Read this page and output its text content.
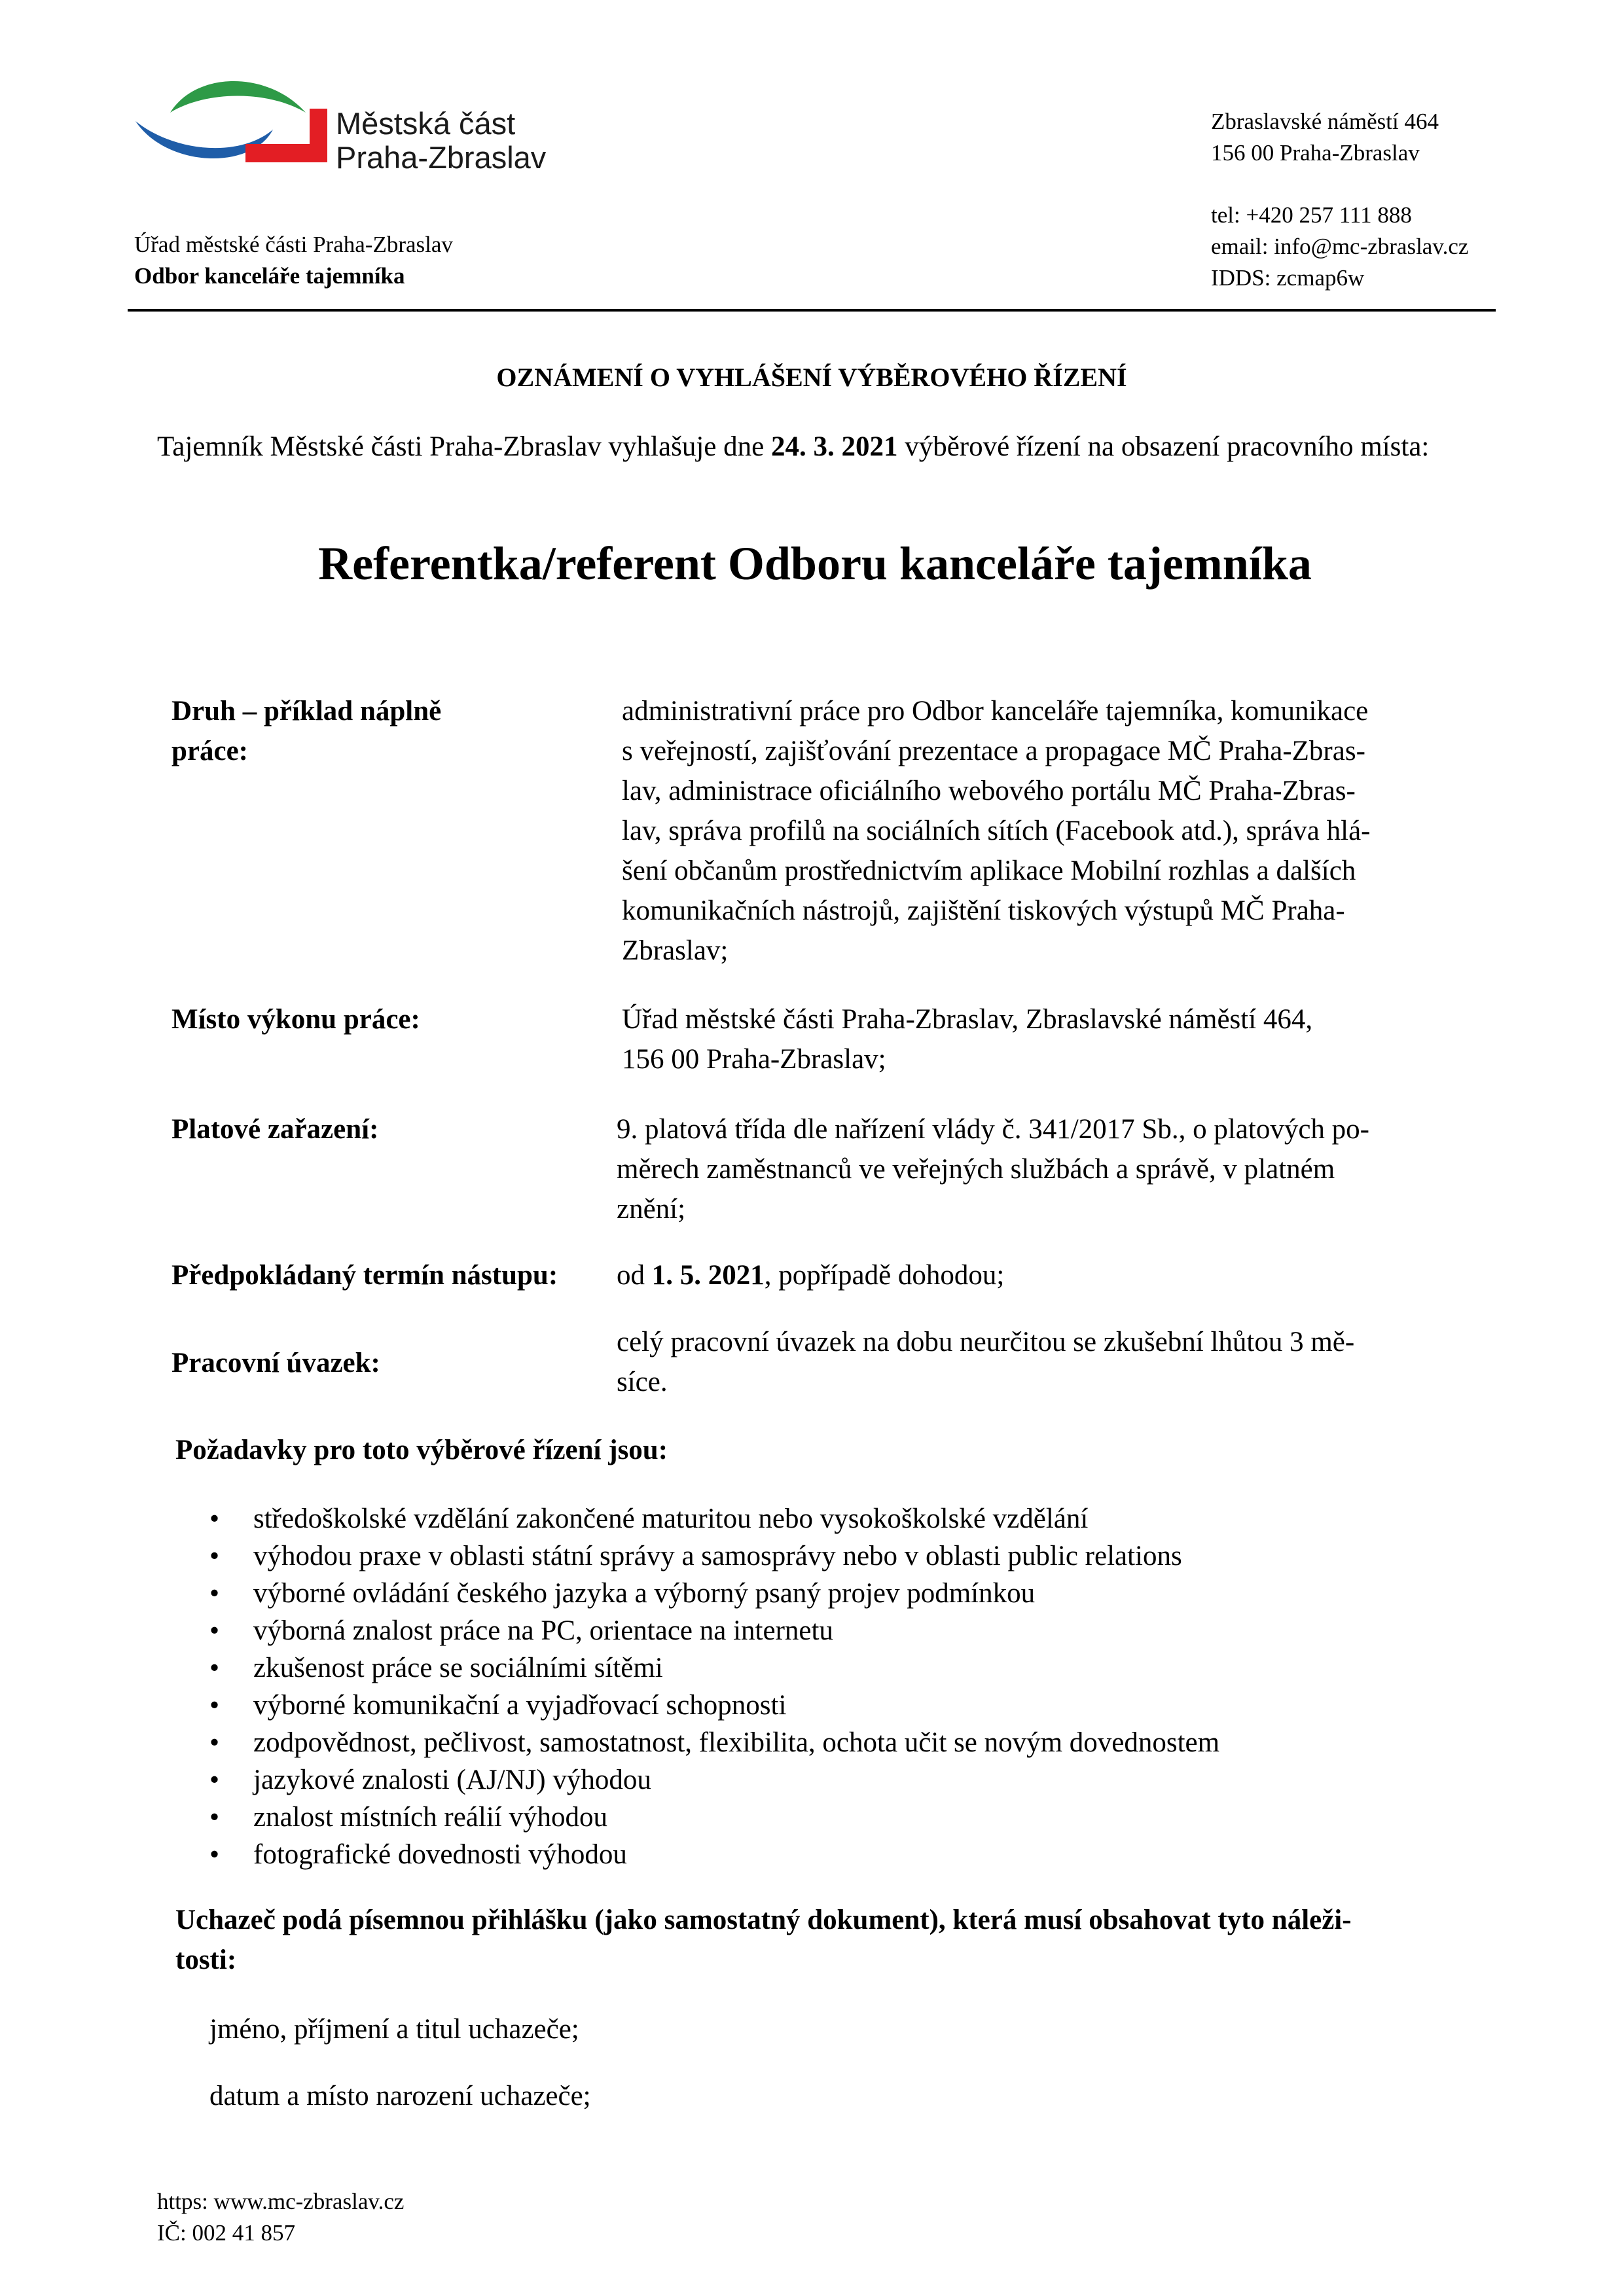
Městská část
Praha-Zbraslav
Úřad městské části Praha-Zbraslav
Odbor kanceláře tajemníka
Zbraslavské náměstí 464
156 00 Praha-Zbraslav
tel: +420 257 111 888
email: info@mc-zbraslav.cz
IDDS: zcmap6w
OZNÁMENÍ O VYHLÁŠENÍ VÝBĚROVÉHO ŘÍZENÍ
Tajemník Městské části Praha-Zbraslav vyhlašuje dne 24. 3. 2021 výběrové řízení na obsazení pracovního místa:
Referentka/referent Odboru kanceláře tajemníka
Druh – příklad náplně
práce:
administrativní práce pro Odbor kanceláře tajemníka, komunikace
s veřejností, zajišťování prezentace a propagace MČ Praha-Zbras-
lav, administrace oficiálního webového portálu MČ Praha-Zbras-
lav, správa profilů na sociálních sítích (Facebook atd.), správa hlá-
šení občanům prostřednictvím aplikace Mobilní rozhlas a dalších
komunikačních nástrojů, zajištění tiskových výstupů MČ Praha-
Zbraslav;
Místo výkonu práce:	Úřad městské části Praha-Zbraslav, Zbraslavské náměstí 464,
156 00 Praha-Zbraslav;
Platové zařazení:	9. platová třída dle nařízení vlády č. 341/2017 Sb., o platových po-
měrech zaměstnanců ve veřejných službách a správě, v platném
znění;
Předpokládaný termín nástupu: od 1. 5. 2021, popřípadě dohodou;
Pracovní úvazek:
celý pracovní úvazek na dobu neurčitou se zkušební lhůtou 3 mě-
síce.
Požadavky pro toto výběrové řízení jsou:
• středoškolské vzdělání zakončené maturitou nebo vysokoškolské vzdělání
• výhodou praxe v oblasti státní správy a samosprávy nebo v oblasti public relations
• výborné ovládání českého jazyka a výborný psaný projev podmínkou
• výborná znalost práce na PC, orientace na internetu
• zkušenost práce se sociálními sítěmi
• výborné komunikační a vyjadřovací schopnosti
• zodpovědnost, pečlivost, samostatnost, flexibilita, ochota učit se novým dovednostem
• jazykové znalosti (AJ/NJ) výhodou
• znalost místních reálií výhodou
• fotografické dovednosti výhodou
Uchazeč podá písemnou přihlášku (jako samostatný dokument), která musí obsahovat tyto náleži-
tosti:
jméno, příjmení a titul uchazeče;
datum a místo narození uchazeče;
https: www.mc-zbraslav.cz
IČ: 002 41 857
